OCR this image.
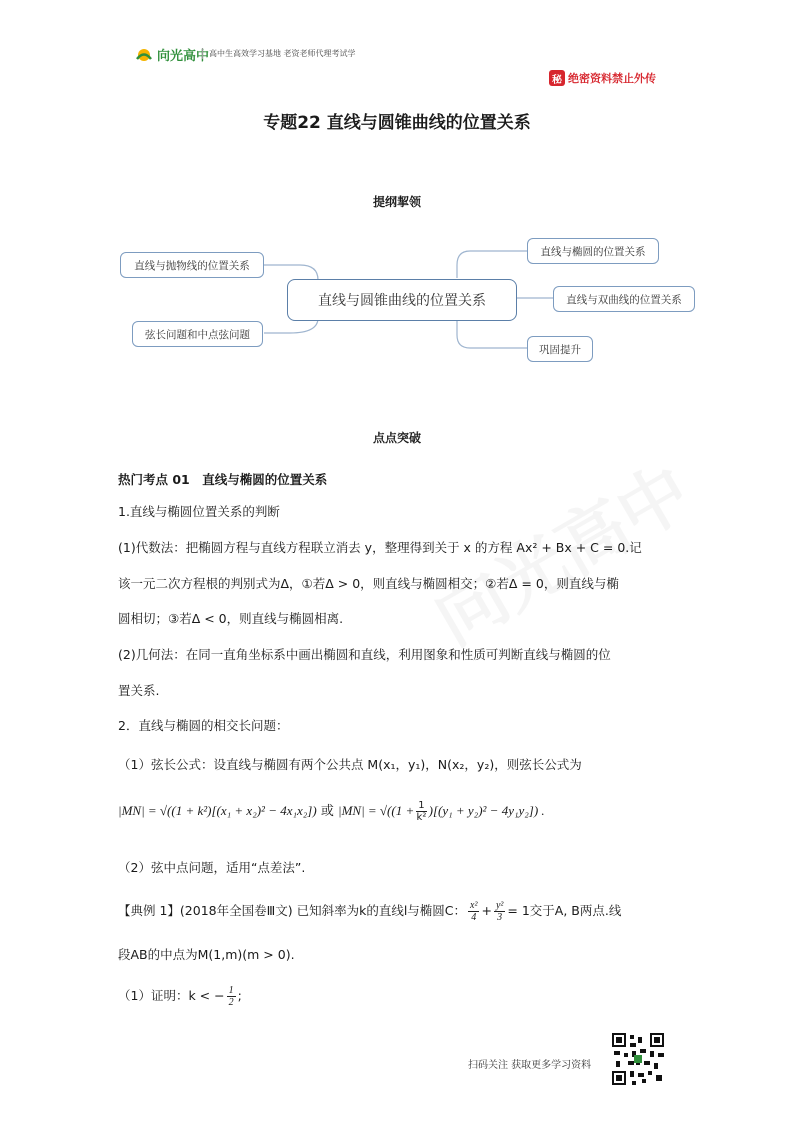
向光高中 高中生高效学习基地 老资老师代理考试学
秘 绝密资料禁止外传
专题22 直线与圆锥曲线的位置关系
提纲挈领
直线与抛物线的位置关系
弦长问题和中点弦问题
直线与圆锥曲线的位置关系
直线与椭圆的位置关系
直线与双曲线的位置关系
巩固提升
点点突破
热门考点 01　直线与椭圆的位置关系
1.直线与椭圆位置关系的判断
(1)代数法：把椭圆方程与直线方程联立消去 y，整理得到关于 x 的方程 Ax² + Bx + C = 0.记
该一元二次方程根的判别式为Δ，①若Δ > 0，则直线与椭圆相交；②若Δ = 0，则直线与椭
圆相切；③若Δ < 0，则直线与椭圆相离.
(2)几何法：在同一直角坐标系中画出椭圆和直线，利用图象和性质可判断直线与椭圆的位
置关系.
2．直线与椭圆的相交长问题：
（1）弦长公式：设直线与椭圆有两个公共点 M(x₁，y₁)，N(x₂，y₂)，则弦长公式为
|MN| = √((1 + k²)[(x₁ + x₂)² − 4x₁x₂]) 或 $|MN| = √((1 + \frac{1}{\text{k²}} )[(y_1 + y_2)^2 - 4y_1y_2])$ .
（2）弦中点问题，适用“点差法”.
【典例 1】(2018年全国卷Ⅲ文) 已知斜率为k的直线l与椭圆C： $\frac{\text{x²}}{4} + \frac{\text{y²}}{3} = 1$交于A, B两点.线
段AB的中点为M(1,m)(m > 0).
（1）证明：k < − $\frac{1}{2}$ ;
扫码关注 获取更多学习资料
